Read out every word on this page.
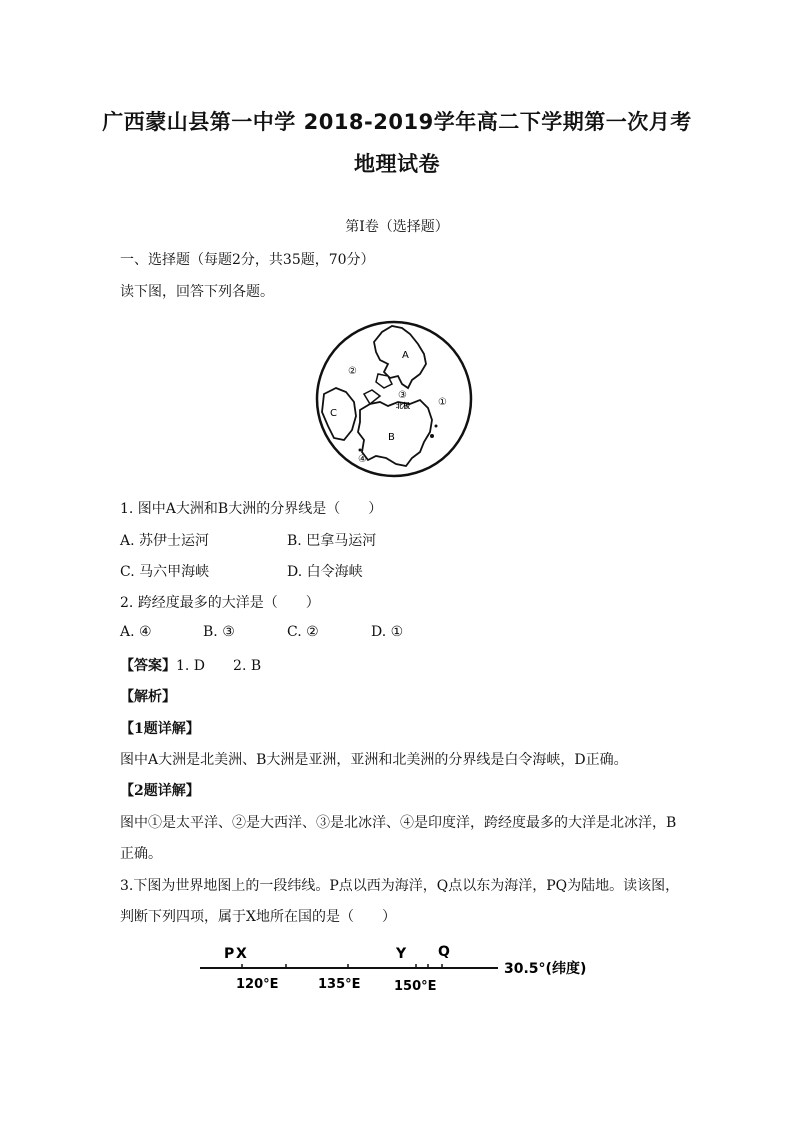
广西蒙山县第一中学 2018-2019学年高二下学期第一次月考
地理试卷
第Ⅰ卷（选择题）
一、选择题（每题2分，共35题，70分）
读下图，回答下列各题。
A
B
C
北极	①
②
③
④
1. 图中A大洲和B大洲的分界线是（　　）
A. 苏伊士运河	B. 巴拿马运河
C. 马六甲海峡	D. 白令海峡
2. 跨经度最多的大洋是（　　）
A. ④	B. ③	C. ②	D. ①
【答案】1. D　　2. B
【解析】
【1题详解】
图中A大洲是北美洲、B大洲是亚洲，亚洲和北美洲的分界线是白令海峡，D正确。
【2题详解】
图中①是太平洋、②是大西洋、③是北冰洋、④是印度洋，跨经度最多的大洋是北冰洋，B
正确。
3.下图为世界地图上的一段纬线。P点以西为海洋，Q点以东为海洋，PQ为陆地。读该图，
判断下列四项，属于X地所在国的是（　　）
P X	Y Q
120°E	135°E	150°E
30.5°(纬度)
